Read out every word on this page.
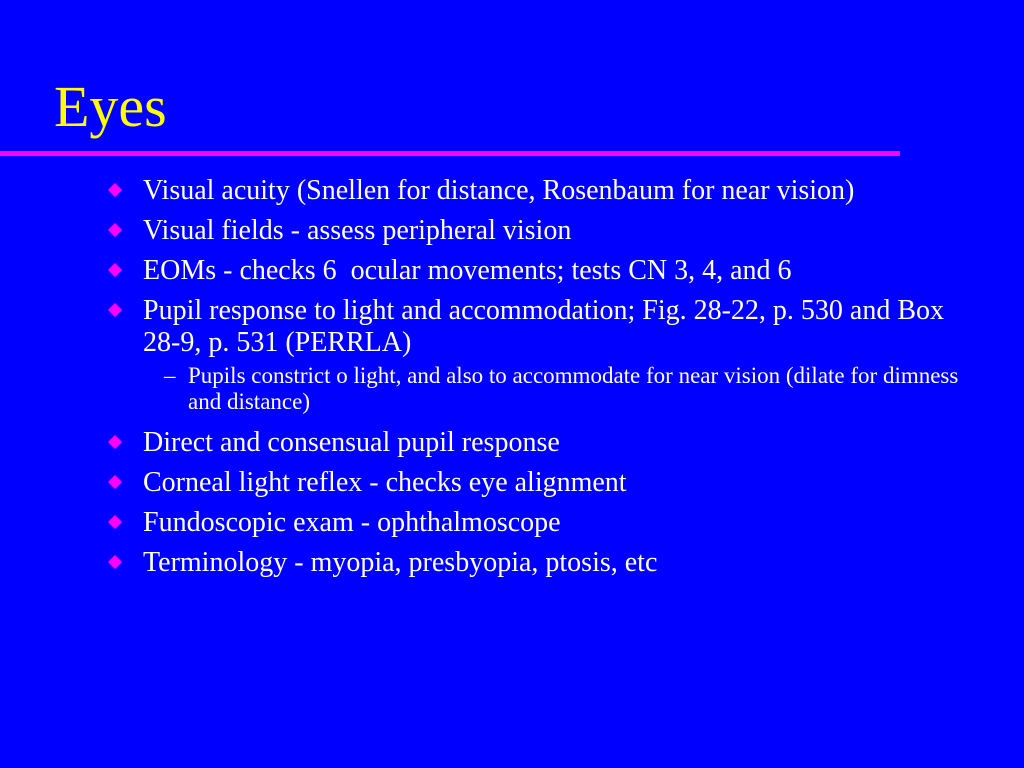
Eyes
Visual acuity (Snellen for distance, Rosenbaum for near vision)
Visual fields - assess peripheral vision
EOMs - checks 6  ocular movements; tests CN 3, 4, and 6
Pupil response to light and accommodation; Fig. 28-22, p. 530 and Box 28-9, p. 531 (PERRLA)
– Pupils constrict o light, and also to accommodate for near vision (dilate for dimness and distance)
Direct and consensual pupil response
Corneal light reflex - checks eye alignment
Fundoscopic exam - ophthalmoscope
Terminology - myopia, presbyopia, ptosis, etc
